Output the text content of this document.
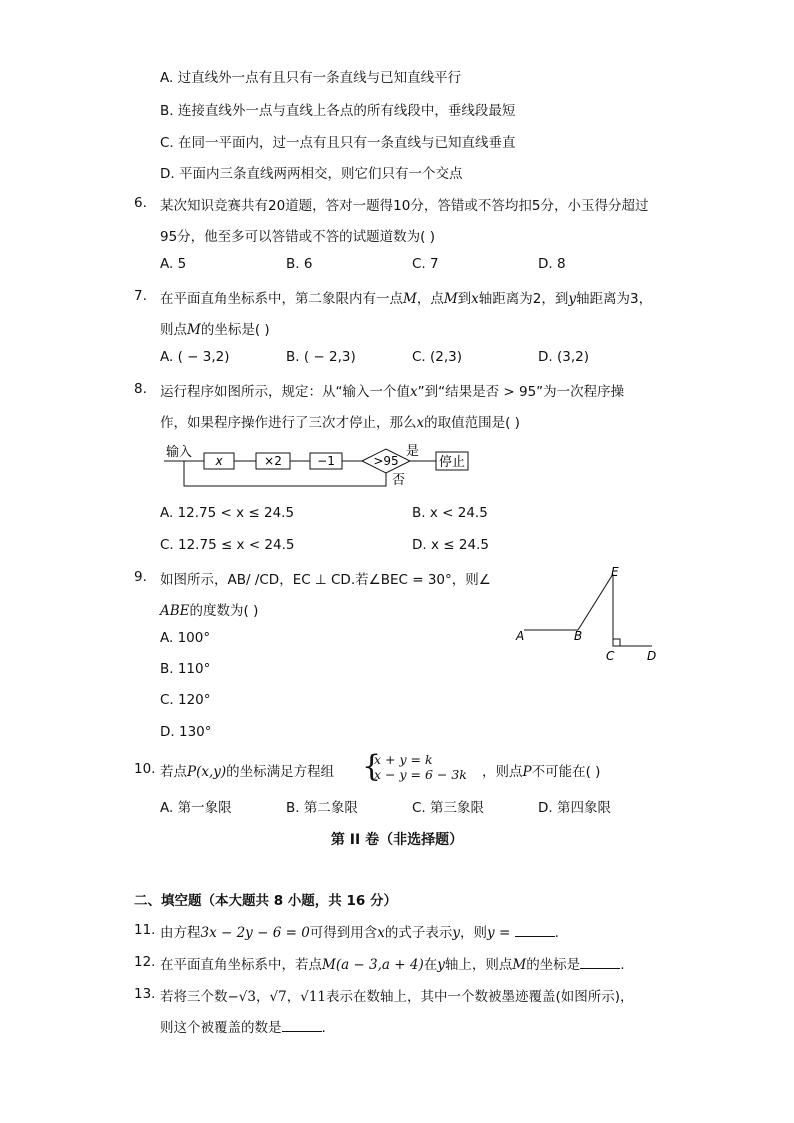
A. 过直线外一点有且只有一条直线与已知直线平行
B. 连接直线外一点与直线上各点的所有线段中，垂线段最短
C. 在同一平面内，过一点有且只有一条直线与已知直线垂直
D. 平面内三条直线两两相交，则它们只有一个交点
6. 某次知识竞赛共有20道题，答对一题得10分，答错或不答均扣5分，小玉得分超过
95分，他至多可以答错或不答的试题道数为( )
A. 5	B. 6	C. 7	D. 8
7. 在平面直角坐标系中，第二象限内有一点M，点M到x轴距离为2，到y轴距离为3，
则点M的坐标是( )
A. ( − 3,2)	B. ( − 2,3)	C. (2,3)	D. (3,2)
8. 运行程序如图所示，规定：从“输入一个值x”到“结果是否 > 95”为一次程序操
作，如果程序操作进行了三次才停止，那么x的取值范围是( )
输入
x	×2	−1	>95
是
停止
否
A. 12.75 < x ≤ 24.5	B. x < 24.5
C. 12.75 ≤ x < 24.5	D. x ≤ 24.5
9. 如图所示，AB/ /CD，EC ⊥ CD.若∠BEC = 30°，则∠
ABE的度数为( )
A. 100°
B. 110°
C. 120°
D. 130°
A	B
E
C	D
10. 若点P(x,y)的坐标满足方程组 {
x + y = k
x − y = 6 − 3k ，则点P不可能在( )
A. 第一象限	B. 第二象限	C. 第三象限	D. 第四象限
第 II 卷（非选择题）
二、填空题（本大题共 8 小题，共 16 分）
11. 由方程3x − 2y − 6 = 0可得到用含x的式子表示y，则y =	.
12. 在平面直角坐标系中，若点M(a − 3,a + 4)在y轴上，则点M的坐标是	.
13. 若将三个数−√3，√7，√11表示在数轴上，其中一个数被墨迹覆盖(如图所示)，
则这个被覆盖的数是	.
